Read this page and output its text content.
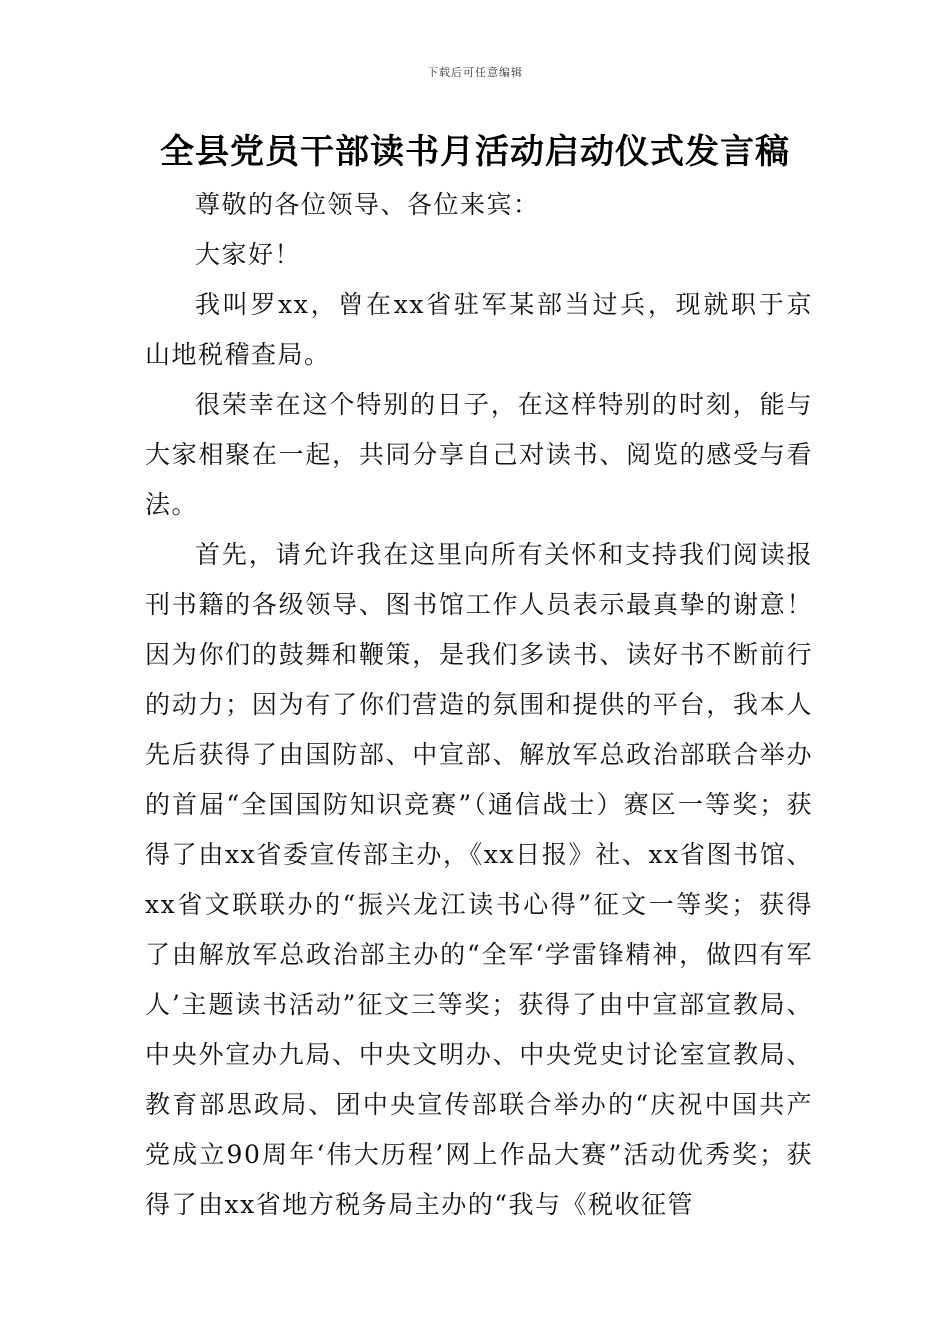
下载后可任意编辑
全县党员干部读书月活动启动仪式发言稿

尊敬的各位领导、各位来宾：

大家好！

我叫罗xx，曾在xx省驻军某部当过兵，现就职于京山地税稽查局。

很荣幸在这个特别的日子，在这样特别的时刻，能与大家相聚在一起，共同分享自己对读书、阅览的感受与看法。

首先，请允许我在这里向所有关怀和支持我们阅读报刊书籍的各级领导、图书馆工作人员表示最真挚的谢意！因为你们的鼓舞和鞭策，是我们多读书、读好书不断前行的动力；因为有了你们营造的氛围和提供的平台，我本人先后获得了由国防部、中宣部、解放军总政治部联合举办的首届“全国国防知识竞赛”（通信战士）赛区一等奖；获得了由xx省委宣传部主办，《xx日报》社、xx省图书馆、xx省文联联办的“振兴龙江读书心得”征文一等奖；获得了由解放军总政治部主办的“全军‘学雷锋精神，做四有军人’主题读书活动”征文三等奖；获得了由中宣部宣教局、中央外宣办九局、中央文明办、中央党史讨论室宣教局、教育部思政局、团中央宣传部联合举办的“庆祝中国共产党成立90周年‘伟大历程’网上作品大赛”活动优秀奖；获得了由xx省地方税务局主办的“我与《税收征管
